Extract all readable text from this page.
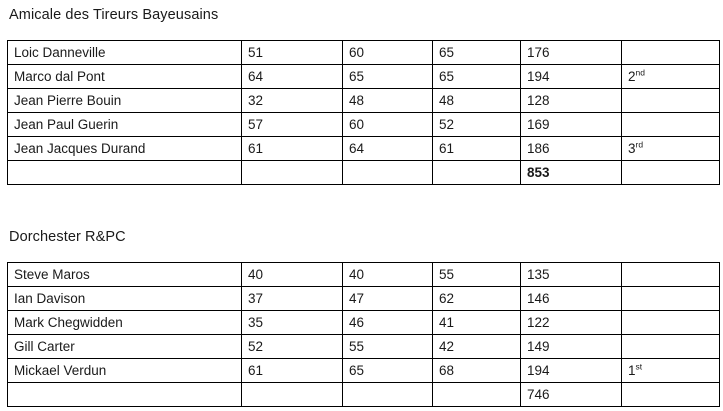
Amicale des Tireurs Bayeusains
Loic Danneville	51	60	65	176	
Marco dal Pont	64	65	65	194	2nd
Jean Pierre Bouin	32	48	48	128	
Jean Paul Guerin	57	60	52	169	
Jean Jacques Durand	61	64	61	186	3rd
				853	
Dorchester R&PC
Steve Maros	40	40	55	135	
Ian Davison	37	47	62	146	
Mark Chegwidden	35	46	41	122	
Gill Carter	52	55	42	149	
Mickael Verdun	61	65	68	194	1st
				746	
